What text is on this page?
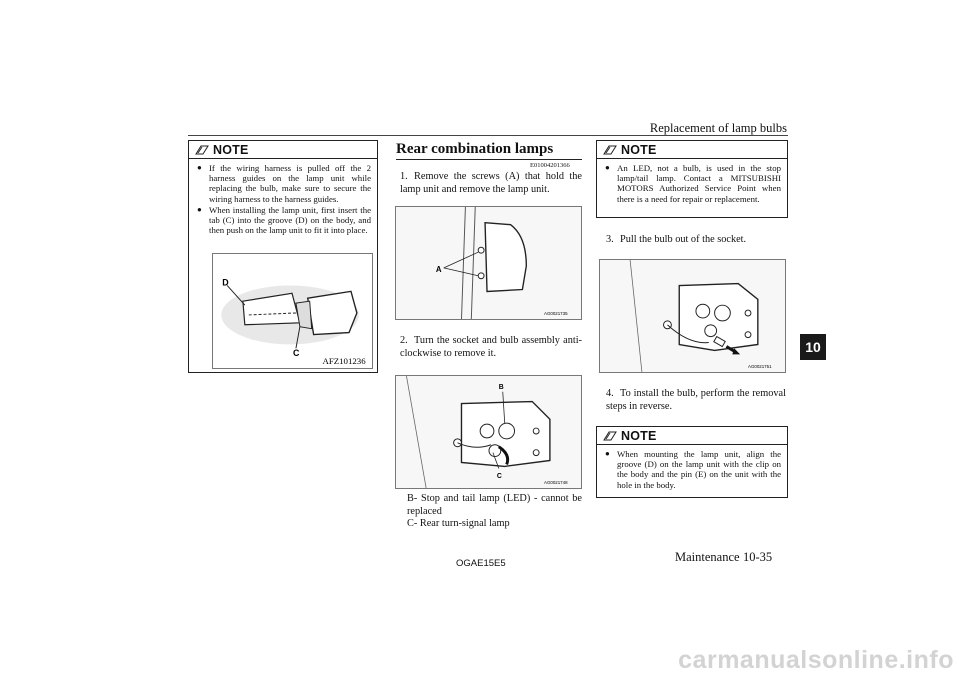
Replacement of lamp bulbs
10
NOTE
● If the wiring harness is pulled off the 2 harness guides on the lamp unit while replacing the bulb, make sure to secure the wiring harness to the harness guides.
● When installing the lamp unit, first insert the tab (C) into the groove (D) on the body, and then push on the lamp unit to fit it into place.
D
C
AFZ101236
Rear combination lamps
E01004201366
1. Remove the screws (A) that hold the lamp unit and remove the lamp unit.
A
AG0021735
2. Turn the socket and bulb assembly anti-clockwise to remove it.
B
C
AG0021748
B- Stop and tail lamp (LED) - cannot be replaced
C- Rear turn-signal lamp
NOTE
● An LED, not a bulb, is used in the stop lamp/tail lamp. Contact a MITSUBISHI MOTORS Authorized Service Point when there is a need for repair or replacement.
3. Pull the bulb out of the socket.
AG0021751
4. To install the bulb, perform the removal steps in reverse.
NOTE
● When mounting the lamp unit, align the groove (D) on the lamp unit with the clip on the body and the pin (E) on the unit with the hole in the body.
OGAE15E5	Maintenance 10-35
carmanualsonline.info
